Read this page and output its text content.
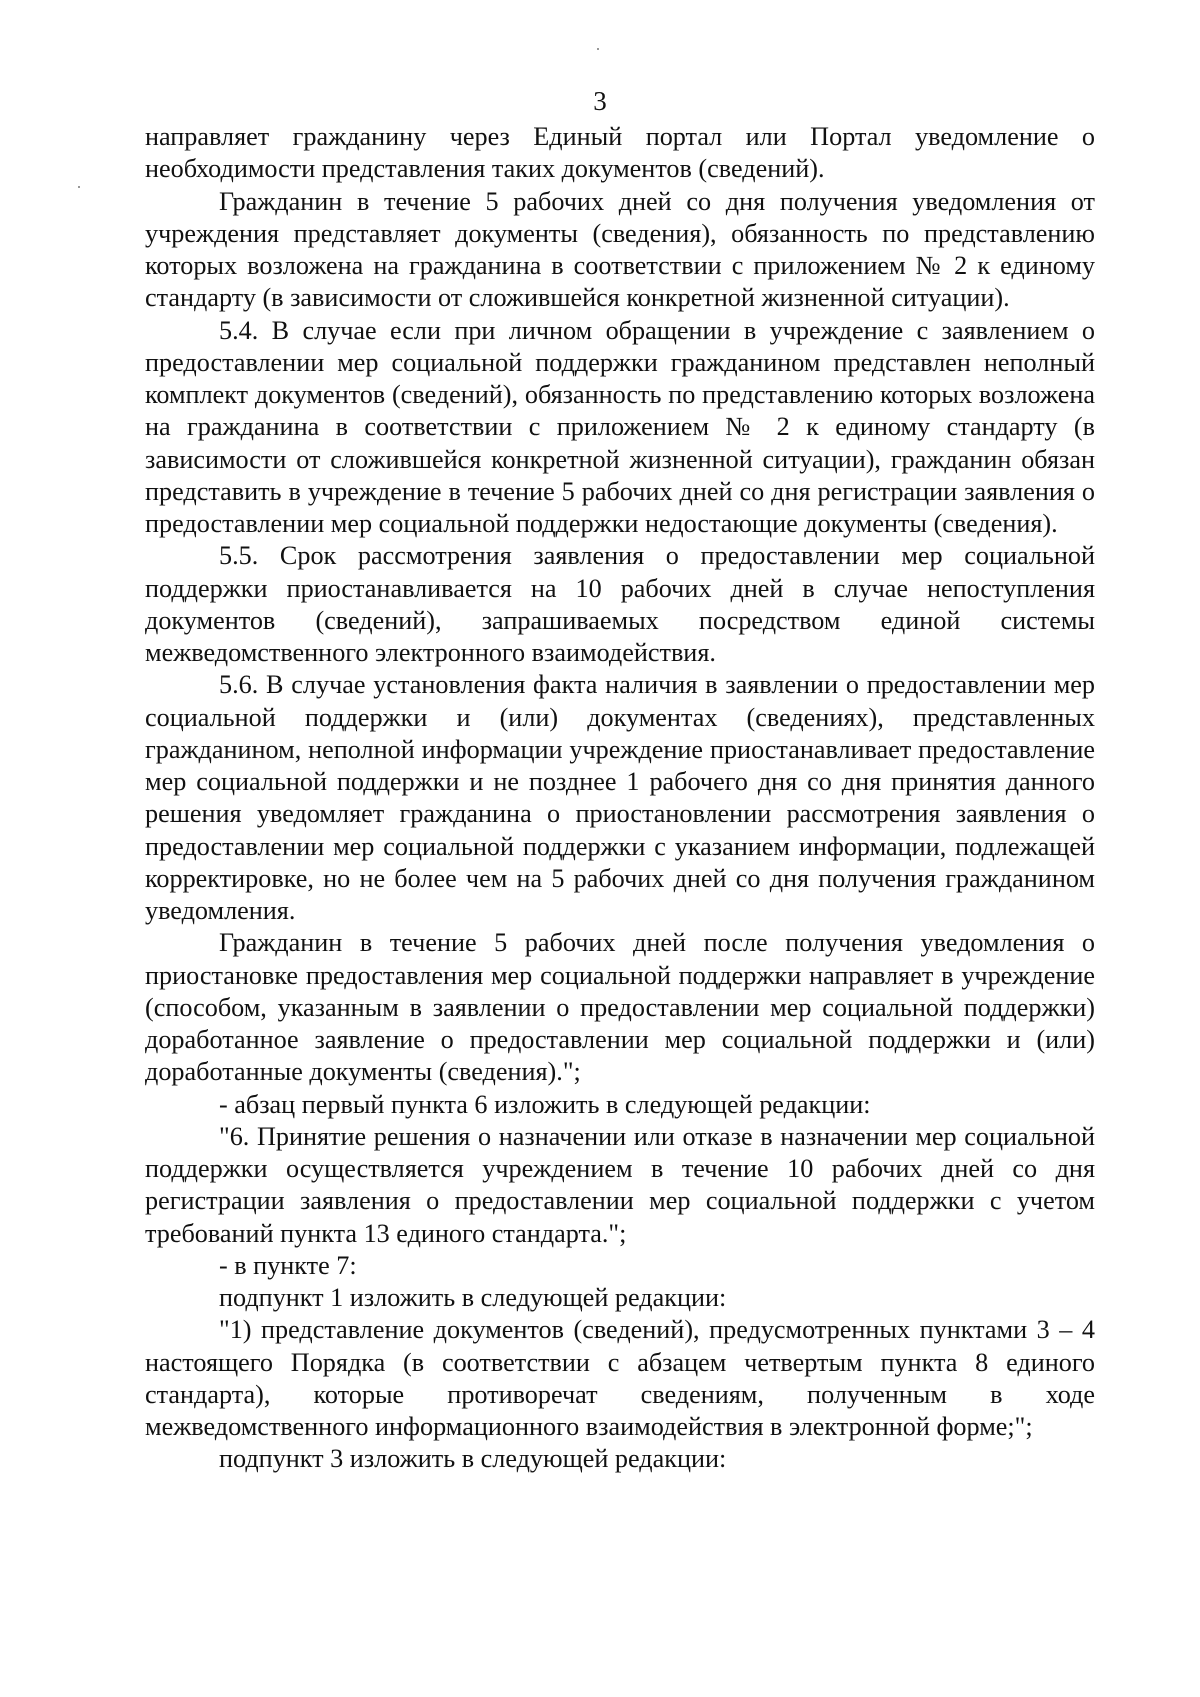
3

направляет гражданину через Единый портал или Портал уведомление о необходимости представления таких документов (сведений).

Гражданин в течение 5 рабочих дней со дня получения уведомления от учреждения представляет документы (сведения), обязанность по представлению которых возложена на гражданина в соответствии с приложением № 2 к единому стандарту (в зависимости от сложившейся конкретной жизненной ситуации).

5.4. В случае если при личном обращении в учреждение с заявлением о предоставлении мер социальной поддержки гражданином представлен неполный комплект документов (сведений), обязанность по представлению которых возложена на гражданина в соответствии с приложением № 2 к единому стандарту (в зависимости от сложившейся конкретной жизненной ситуации), гражданин обязан представить в учреждение в течение 5 рабочих дней со дня регистрации заявления о предоставлении мер социальной поддержки недостающие документы (сведения).

5.5. Срок рассмотрения заявления о предоставлении мер социальной поддержки приостанавливается на 10 рабочих дней в случае непоступления документов (сведений), запрашиваемых посредством единой системы межведомственного электронного взаимодействия.

5.6. В случае установления факта наличия в заявлении о предоставлении мер социальной поддержки и (или) документах (сведениях), представленных гражданином, неполной информации учреждение приостанавливает предоставление мер социальной поддержки и не позднее 1 рабочего дня со дня принятия данного решения уведомляет гражданина о приостановлении рассмотрения заявления о предоставлении мер социальной поддержки с указанием информации, подлежащей корректировке, но не более чем на 5 рабочих дней со дня получения гражданином уведомления.

Гражданин в течение 5 рабочих дней после получения уведомления о приостановке предоставления мер социальной поддержки направляет в учреждение (способом, указанным в заявлении о предоставлении мер социальной поддержки) доработанное заявление о предоставлении мер социальной поддержки и (или) доработанные документы (сведения).";

- абзац первый пункта 6 изложить в следующей редакции:

"6. Принятие решения о назначении или отказе в назначении мер социальной поддержки осуществляется учреждением в течение 10 рабочих дней со дня регистрации заявления о предоставлении мер социальной поддержки с учетом требований пункта 13 единого стандарта.";

- в пункте 7:

подпункт 1 изложить в следующей редакции:

"1) представление документов (сведений), предусмотренных пунктами 3 – 4 настоящего Порядка (в соответствии с абзацем четвертым пункта 8 единого стандарта), которые противоречат сведениям, полученным в ходе межведомственного информационного взаимодействия в электронной форме;";

подпункт 3 изложить в следующей редакции:
